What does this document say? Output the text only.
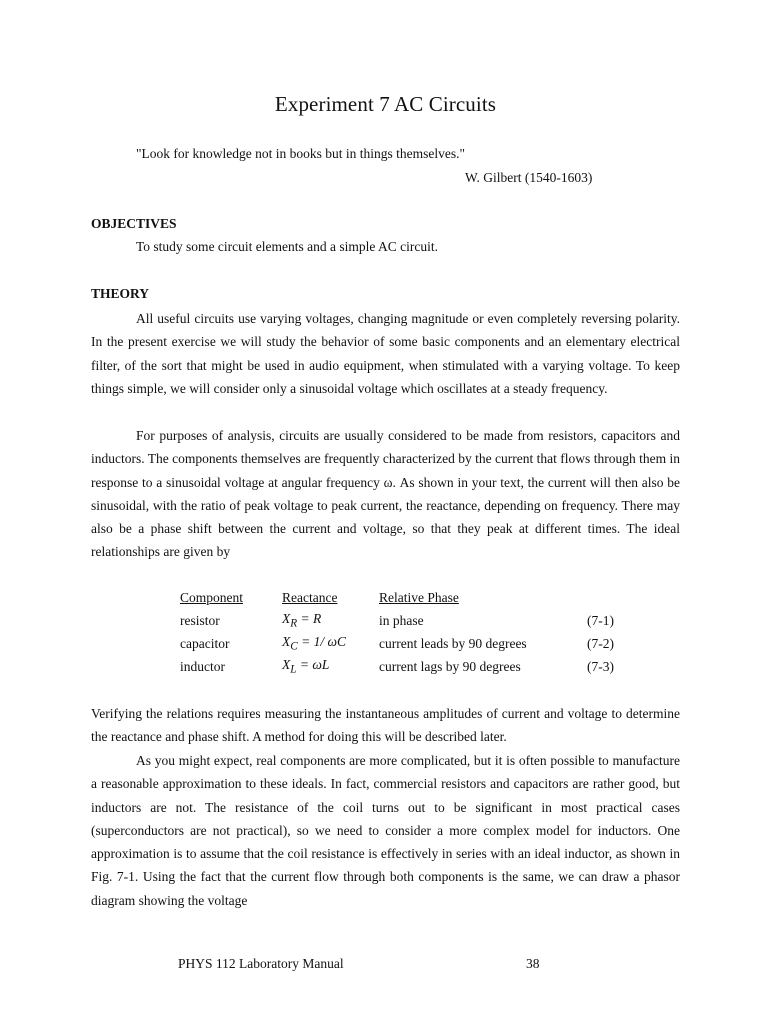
Experiment 7 AC Circuits
"Look for knowledge not in books but in things themselves."
W. Gilbert (1540-1603)
OBJECTIVES
To study some circuit elements and a simple AC circuit.
THEORY

All useful circuits use varying voltages, changing magnitude or even completely reversing polarity. In the present exercise we will study the behavior of some basic components and an elementary electrical filter, of the sort that might be used in audio equipment, when stimulated with a varying voltage. To keep things simple, we will consider only a sinusoidal voltage which oscillates at a steady frequency.

For purposes of analysis, circuits are usually considered to be made from resistors, capacitors and inductors. The components themselves are frequently characterized by the current that flows through them in response to a sinusoidal voltage at angular frequency ω. As shown in your text, the current will then also be sinusoidal, with the ratio of peak voltage to peak current, the reactance, depending on frequency. There may also be a phase shift between the current and voltage, so that they peak at different times. The ideal relationships are given by

Component	Reactance	Relative Phase	
resistor	$X_R = R$	in phase	(7-1)
capacitor	$X_C = 1/$ ωC	current leads by 90 degrees	(7-2)
inductor	$X_L = \omega L$	current lags by 90 degrees	(7-3)

Verifying the relations requires measuring the instantaneous amplitudes of current and voltage to determine the reactance and phase shift. A method for doing this will be described later.

As you might expect, real components are more complicated, but it is often possible to manufacture a reasonable approximation to these ideals. In fact, commercial resistors and capacitors are rather good, but inductors are not. The resistance of the coil turns out to be significant in most practical cases (superconductors are not practical), so we need to consider a more complex model for inductors. One approximation is to assume that the coil resistance is effectively in series with an ideal inductor, as shown in Fig. 7-1. Using the fact that the current flow through both components is the same, we can draw a phasor diagram showing the voltage

PHYS 112 Laboratory Manual	38
